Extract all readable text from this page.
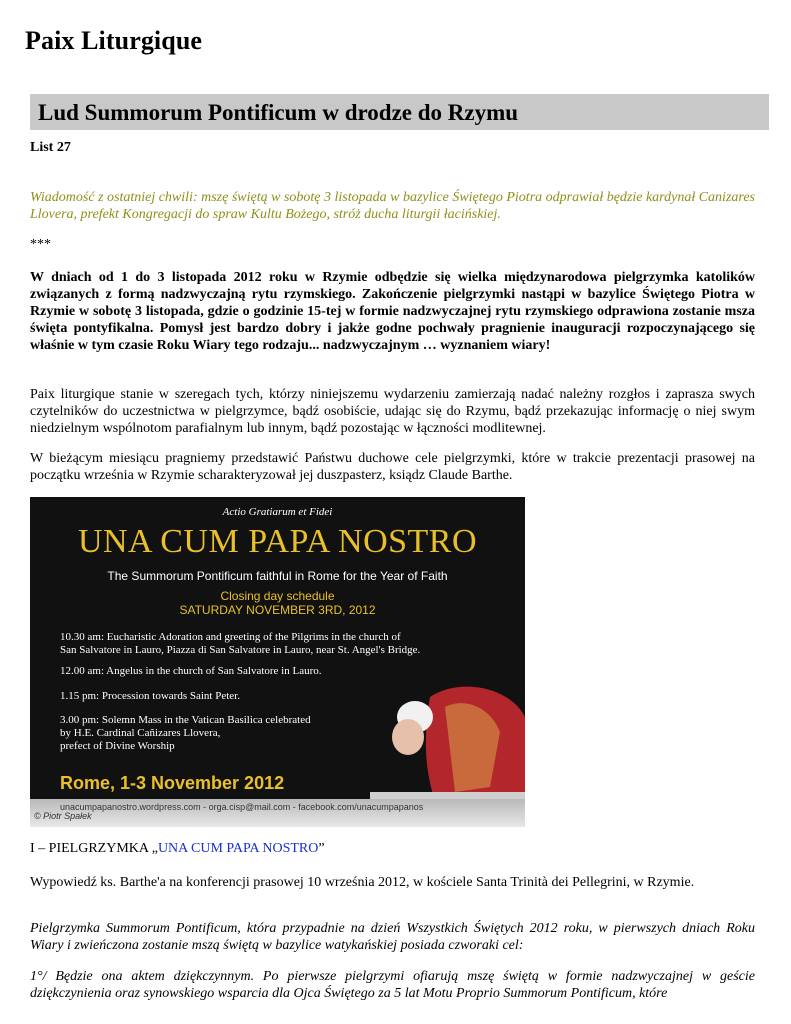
Paix Liturgique
Lud Summorum Pontificum w drodze do Rzymu
List 27

Wiadomość z ostatniej chwili: mszę świętą w sobotę 3 listopada w bazylice Świętego Piotra odprawiał będzie kardynał Canizares Llovera, prefekt Kongregacji do spraw Kultu Bożego, stróż ducha liturgii łacińskiej.

***

W dniach od 1 do 3 listopada 2012 roku w Rzymie odbędzie się wielka międzynarodowa pielgrzymka katolików związanych z formą nadzwyczajną rytu rzymskiego. Zakończenie pielgrzymki nastąpi w bazylice Świętego Piotra w Rzymie w sobotę 3 listopada, gdzie o godzinie 15-tej w formie nadzwyczajnej rytu rzymskiego odprawiona zostanie msza święta pontyfikalna. Pomysł jest bardzo dobry i jakże godne pochwały pragnienie inauguracji rozpoczynającego się właśnie w tym czasie Roku Wiary tego rodzaju... nadzwyczajnym … wyznaniem wiary!

Paix liturgique stanie w szeregach tych, którzy niniejszemu wydarzeniu zamierzają nadać należny rozgłos i zaprasza swych czytelników do uczestnictwa w pielgrzymce, bądź osobiście, udając się do Rzymu, bądź przekazując informację o niej swym niedzielnym wspólnotom parafialnym lub innym, bądź pozostając w łączności modlitewnej.

W bieżącym miesiącu pragniemy przedstawić Państwu duchowe cele pielgrzymki, które w trakcie prezentacji prasowej na początku września w Rzymie scharakteryzował jej duszpasterz, ksiądz Claude Barthe.

Actio Gratiarum et Fidei
UNA CUM PAPA NOSTRO
The Summorum Pontificum faithful in Rome for the Year of Faith
Closing day schedule
SATURDAY NOVEMBER 3RD, 2012
10.30 am: Eucharistic Adoration and greeting of the Pilgrims in the church of
San Salvatore in Lauro, Piazza di San Salvatore in Lauro, near St. Angel's Bridge.
12.00 am: Angelus in the church of San Salvatore in Lauro.
1.15 pm: Procession towards Saint Peter.
3.00 pm: Solemn Mass in the Vatican Basilica celebrated
by H.E. Cardinal Cañizares Llovera,
prefect of Divine Worship
Rome, 1-3 November 2012
unacumpapanostro.wordpress.com - orga.cisp@mail.com - facebook.com/unacumpapanos
© Piotr Spałek
I – PIELGRZYMKA „UNA CUM PAPA NOSTRO”

Wypowiedź ks. Barthe'a na konferencji prasowej 10 września 2012, w kościele Santa Trinità dei Pellegrini, w Rzymie.

Pielgrzymka Summorum Pontificum, która przypadnie na dzień Wszystkich Świętych 2012 roku, w pierwszych dniach Roku Wiary i zwieńczona zostanie mszą świętą w bazylice watykańskiej posiada czworaki cel:

1°/ Będzie ona aktem dziękczynnym. Po pierwsze pielgrzymi ofiarują mszę świętą w formie nadzwyczajnej w geście dziękczynienia oraz synowskiego wsparcia dla Ojca Świętego za 5 lat Motu Proprio Summorum Pontificum, które
